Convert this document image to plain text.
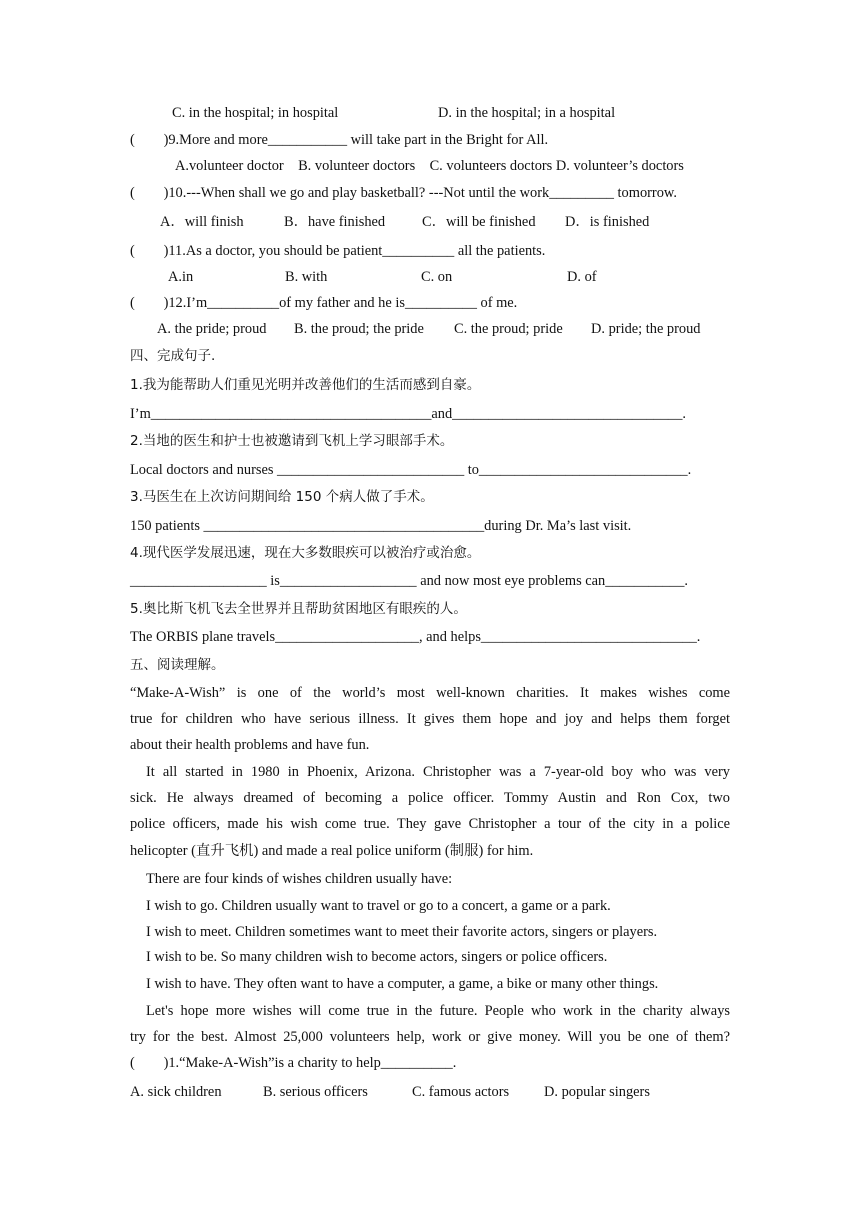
C. in the hospital; in hospital	D. in the hospital; in a hospital
(        )9.More and more___________ will take part in the Bright for All.
A.volunteer doctor    B. volunteer doctors    C. volunteers doctors D. volunteer’s doctors
(        )10.---When shall we go and play basketball? ---Not until the work_________ tomorrow.
A．will finish	B．have finished	C．will be finished D．is finished
(        )11.As a doctor, you should be patient__________ all the patients.
A.in	B. with	C. on	D. of
(        )12.I’m__________of my father and he is__________ of me.
A. the pride; proud B. the proud; the pride C. the proud; pride D. pride; the proud
四、完成句子.
1.我为能帮助人们重见光明并改善他们的生活而感到自豪。
I’m_______________________________________and________________________________.
2.当地的医生和护士也被邀请到飞机上学习眼部手术。
Local doctors and nurses __________________________ to_____________________________.
3.马医生在上次访问期间给 150 个病人做了手术。
150 patients _______________________________________during Dr. Ma’s last visit.
4.现代医学发展迅速，现在大多数眼疾可以被治疗或治愈。
___________________ is___________________ and now most eye problems can___________.
5.奥比斯飞机飞去全世界并且帮助贫困地区有眼疾的人。
The ORBIS plane travels____________________, and helps______________________________.
五、阅读理解。
“Make-A-Wish” is one of the world’s most well-known charities. It makes wishes come
true for children who have serious illness. It gives them hope and joy and helps them forget
about their health problems and have fun.
It all started in 1980 in Phoenix, Arizona. Christopher was a 7-year-old boy who was very
sick. He always dreamed of becoming a police officer. Tommy Austin and Ron Cox, two
police officers, made his wish come true. They gave Christopher a tour of the city in a police
helicopter (直升飞机) and made a real police uniform (制服) for him.
There are four kinds of wishes children usually have:
I wish to go. Children usually want to travel or go to a concert, a game or a park.
I wish to meet. Children sometimes want to meet their favorite actors, singers or players.
I wish to be. So many children wish to become actors, singers or police officers.
I wish to have. They often want to have a computer, a game, a bike or many other things.
Let's hope more wishes will come true in the future. People who work in the charity always
try for the best. Almost 25,000 volunteers help, work or give money. Will you be one of them?
(        )1.“Make-A-Wish”is a charity to help__________.
A. sick children	B. serious officers	C. famous actors D. popular singers
